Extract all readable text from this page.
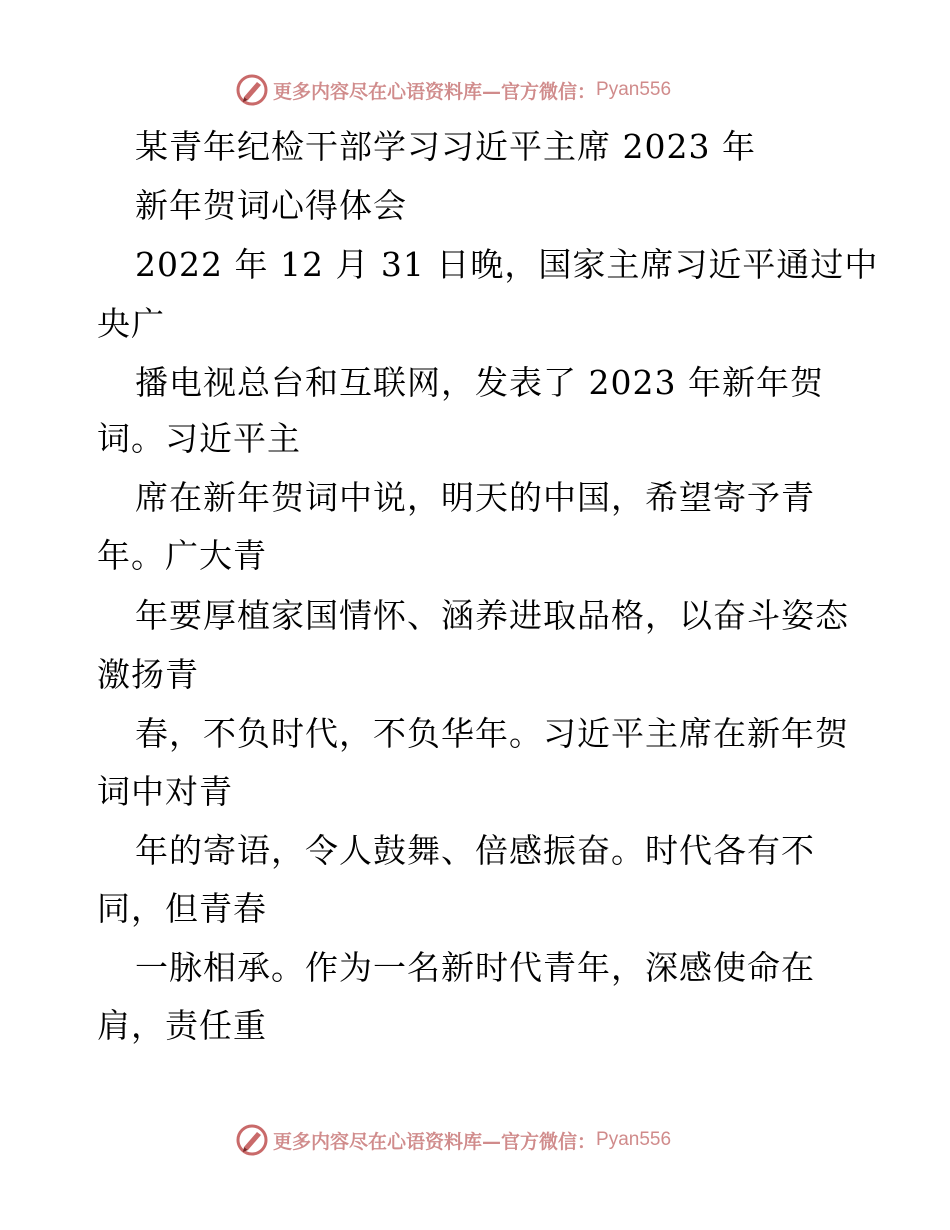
更多内容尽在心语资料库—官方微信： Pyan556
某青年纪检干部学习习近平主席 2023 年
新年贺词心得体会
2022 年 12 月 31 日晚，国家主席习近平通过中
央广
播电视总台和互联网，发表了 2023 年新年贺
词。习近平主
席在新年贺词中说，明天的中国，希望寄予青
年。广大青
年要厚植家国情怀、涵养进取品格，以奋斗姿态
激扬青
春，不负时代，不负华年。习近平主席在新年贺
词中对青
年的寄语，令人鼓舞、倍感振奋。时代各有不
同，但青春
一脉相承。作为一名新时代青年，深感使命在
肩，责任重
更多内容尽在心语资料库—官方微信： Pyan556
